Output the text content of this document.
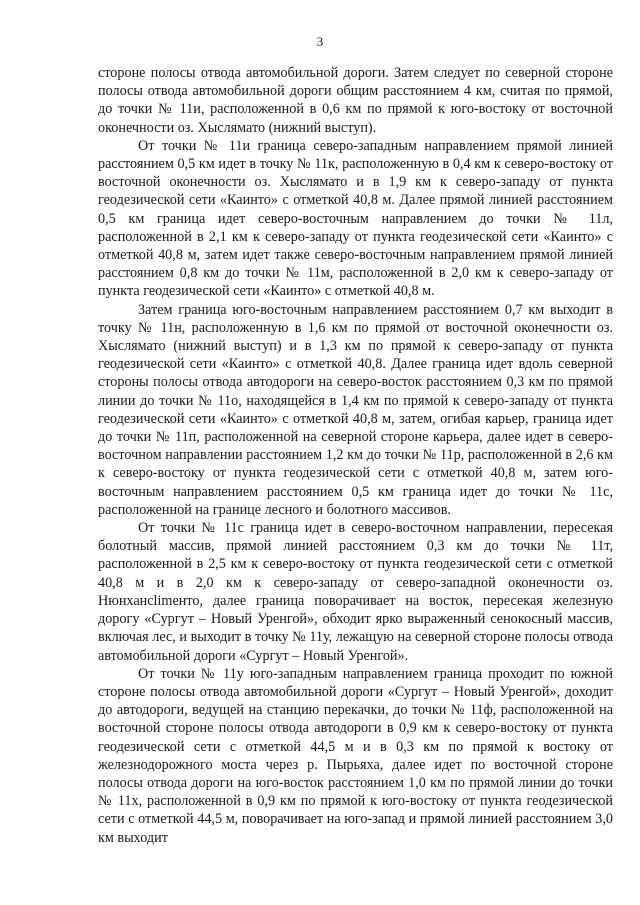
3

стороне полосы отвода автомобильной дороги. Затем следует по северной стороне полосы отвода автомобильной дороги общим расстоянием 4 км, считая по прямой, до точки № 11и, расположенной в 0,6 км по прямой к юго-востоку от восточной оконечности оз. Хыслямато (нижний выступ).

От точки № 11и граница северо-западным направлением прямой линией расстоянием 0,5 км идет в точку № 11к, расположенную в 0,4 км к северо-востоку от восточной оконечности оз. Хыслямато и в 1,9 км к северо-западу от пункта геодезической сети «Каинто» с отметкой 40,8 м. Далее прямой линией расстоянием 0,5 км граница идет северо-восточным направлением до точки № 11л, расположенной в 2,1 км к северо-западу от пункта геодезической сети «Каинто» с отметкой 40,8 м, затем идет также северо-восточным направлением прямой линией расстоянием 0,8 км до точки № 11м, расположенной в 2,0 км к северо-западу от пункта геодезической сети «Каинто» с отметкой 40,8 м.

Затем граница юго-восточным направлением расстоянием 0,7 км выходит в точку № 11н, расположенную в 1,6 км по прямой от восточной оконечности оз. Хыслямато (нижний выступ) и в 1,3 км по прямой к северо-западу от пункта геодезической сети «Каинто» с отметкой 40,8. Далее граница идет вдоль северной стороны полосы отвода автодороги на северо-восток расстоянием 0,3 км по прямой линии до точки № 11о, находящейся в 1,4 км по прямой к северо-западу от пункта геодезической сети «Каинто» с отметкой 40,8 м, затем, огибая карьер, граница идет до точки № 11п, расположенной на северной стороне карьера, далее идет в северо-восточном направлении расстоянием 1,2 км до точки № 11р, расположенной в 2,6 км к северо-востоку от пункта геодезической сети с отметкой 40,8 м, затем юго-восточным направлением расстоянием 0,5 км граница идет до точки № 11с, расположенной на границе лесного и болотного массивов.

От точки № 11с граница идет в северо-восточном направлении, пересекая болотный массив, прямой линией расстоянием 0,3 км до точки № 11т, расположенной в 2,5 км к северо-востоку от пункта геодезической сети с отметкой 40,8 м и в 2,0 км к северо-западу от северо-западной оконечности оз. Нюнхансlimенто, далее граница поворачивает на восток, пересекая железную дорогу «Сургут – Новый Уренгой», обходит ярко выраженный сенокосный массив, включая лес, и выходит в точку № 11у, лежащую на северной стороне полосы отвода автомобильной дороги «Сургут – Новый Уренгой».

От точки № 11у юго-западным направлением граница проходит по южной стороне полосы отвода автомобильной дороги «Сургут – Новый Уренгой», доходит до автодороги, ведущей на станцию перекачки, до точки № 11ф, расположенной на восточной стороне полосы отвода автодороги в 0,9 км к северо-востоку от пункта геодезической сети с отметкой 44,5 м и в 0,3 км по прямой к востоку от железнодорожного моста через р. Пырьяха, далее идет по восточной стороне полосы отвода дороги на юго-восток расстоянием 1,0 км по прямой линии до точки № 11х, расположенной в 0,9 км по прямой к юго-востоку от пункта геодезической сети с отметкой 44,5 м, поворачивает на юго-запад и прямой линией расстоянием 3,0 км выходит
